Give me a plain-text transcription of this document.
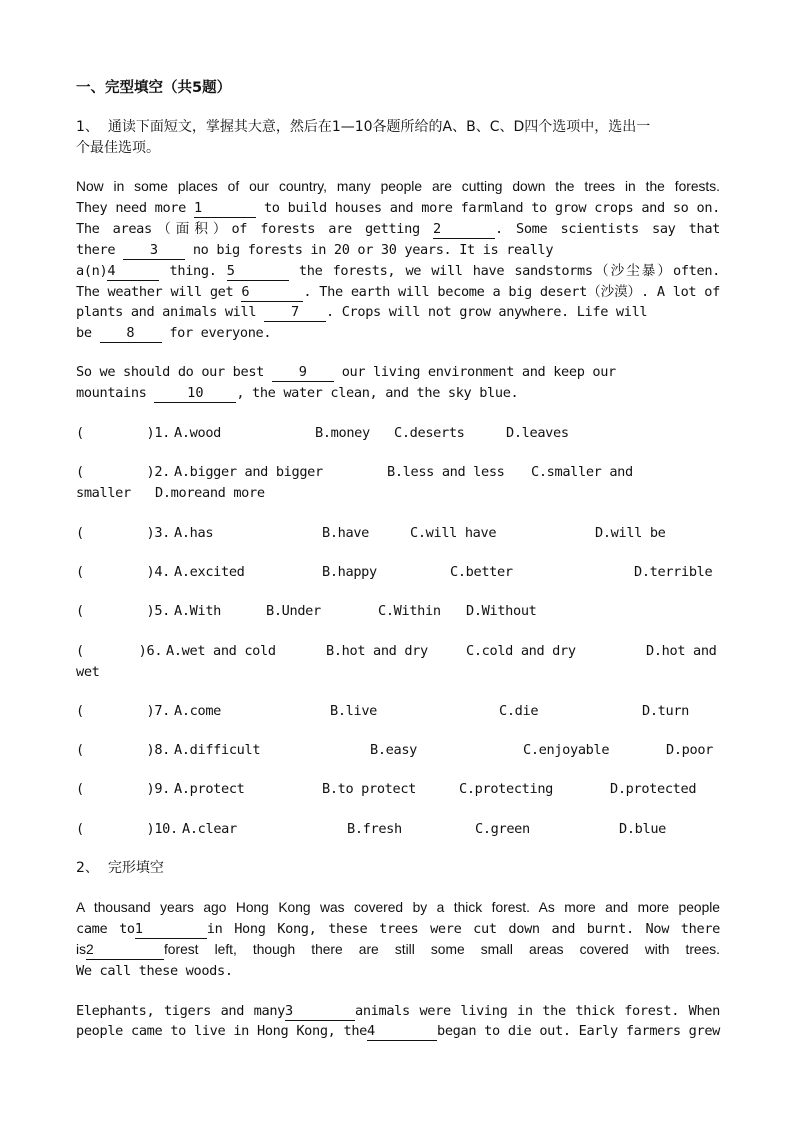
一、完型填空（共5题）
1、 通读下面短文，掌握其大意，然后在1—10各题所给的A、B、C、D四个选项中，选出一
个最佳选项。
Now in some places of our country, many people are cutting down the trees in the forests.
They need more 1	to build houses and more farmland to grow crops and so on.
The areas（面积）of forests are getting 2	. Some scientists say that
there 3 no big forests in 20 or 30 years. It is really
a(n)4	thing. 5	the forests, we will have sandstorms（沙尘暴）often.
The weather will get 6	. The earth will become a big desert（沙漠）. A lot of
plants and animals will 7 . Crops will not grow anywhere. Life will
be 8 for everyone.
So we should do our best 9 our living environment and keep our
mountains 10 , the water clean, and the sky blue.
(        )1. A.wood	B.money C.deserts	D.leaves
(        )2. A.bigger and bigger	B.less and less C.smaller and
smaller D.moreand more
(        )3. A.has	B.have	C.will have	D.will be
(        )4. A.excited	B.happy	C.better	D.terrible
(        )5. A.With	B.Under	C.Within D.Without
(       )6. A.wet and cold	B.hot and dry	C.cold and dry	D.hot and
wet
(        )7. A.come	B.live	C.die	D.turn
(        )8. A.difficult	B.easy	C.enjoyable	D.poor
(        )9. A.protect	B.to protect	C.protecting	D.protected
(        )10. A.clear	B.fresh	C.green	D.blue
2、 完形填空
A thousand years ago Hong Kong was covered by a thick forest. As more and more people
came to1	in Hong Kong, these trees were cut down and burnt. Now there
is2	forest left, though there are still some small areas covered with trees.
We call these woods.
Elephants, tigers and many3	animals were living in the thick forest. When
people came to live in Hong Kong, the4	began to die out. Early farmers grew
